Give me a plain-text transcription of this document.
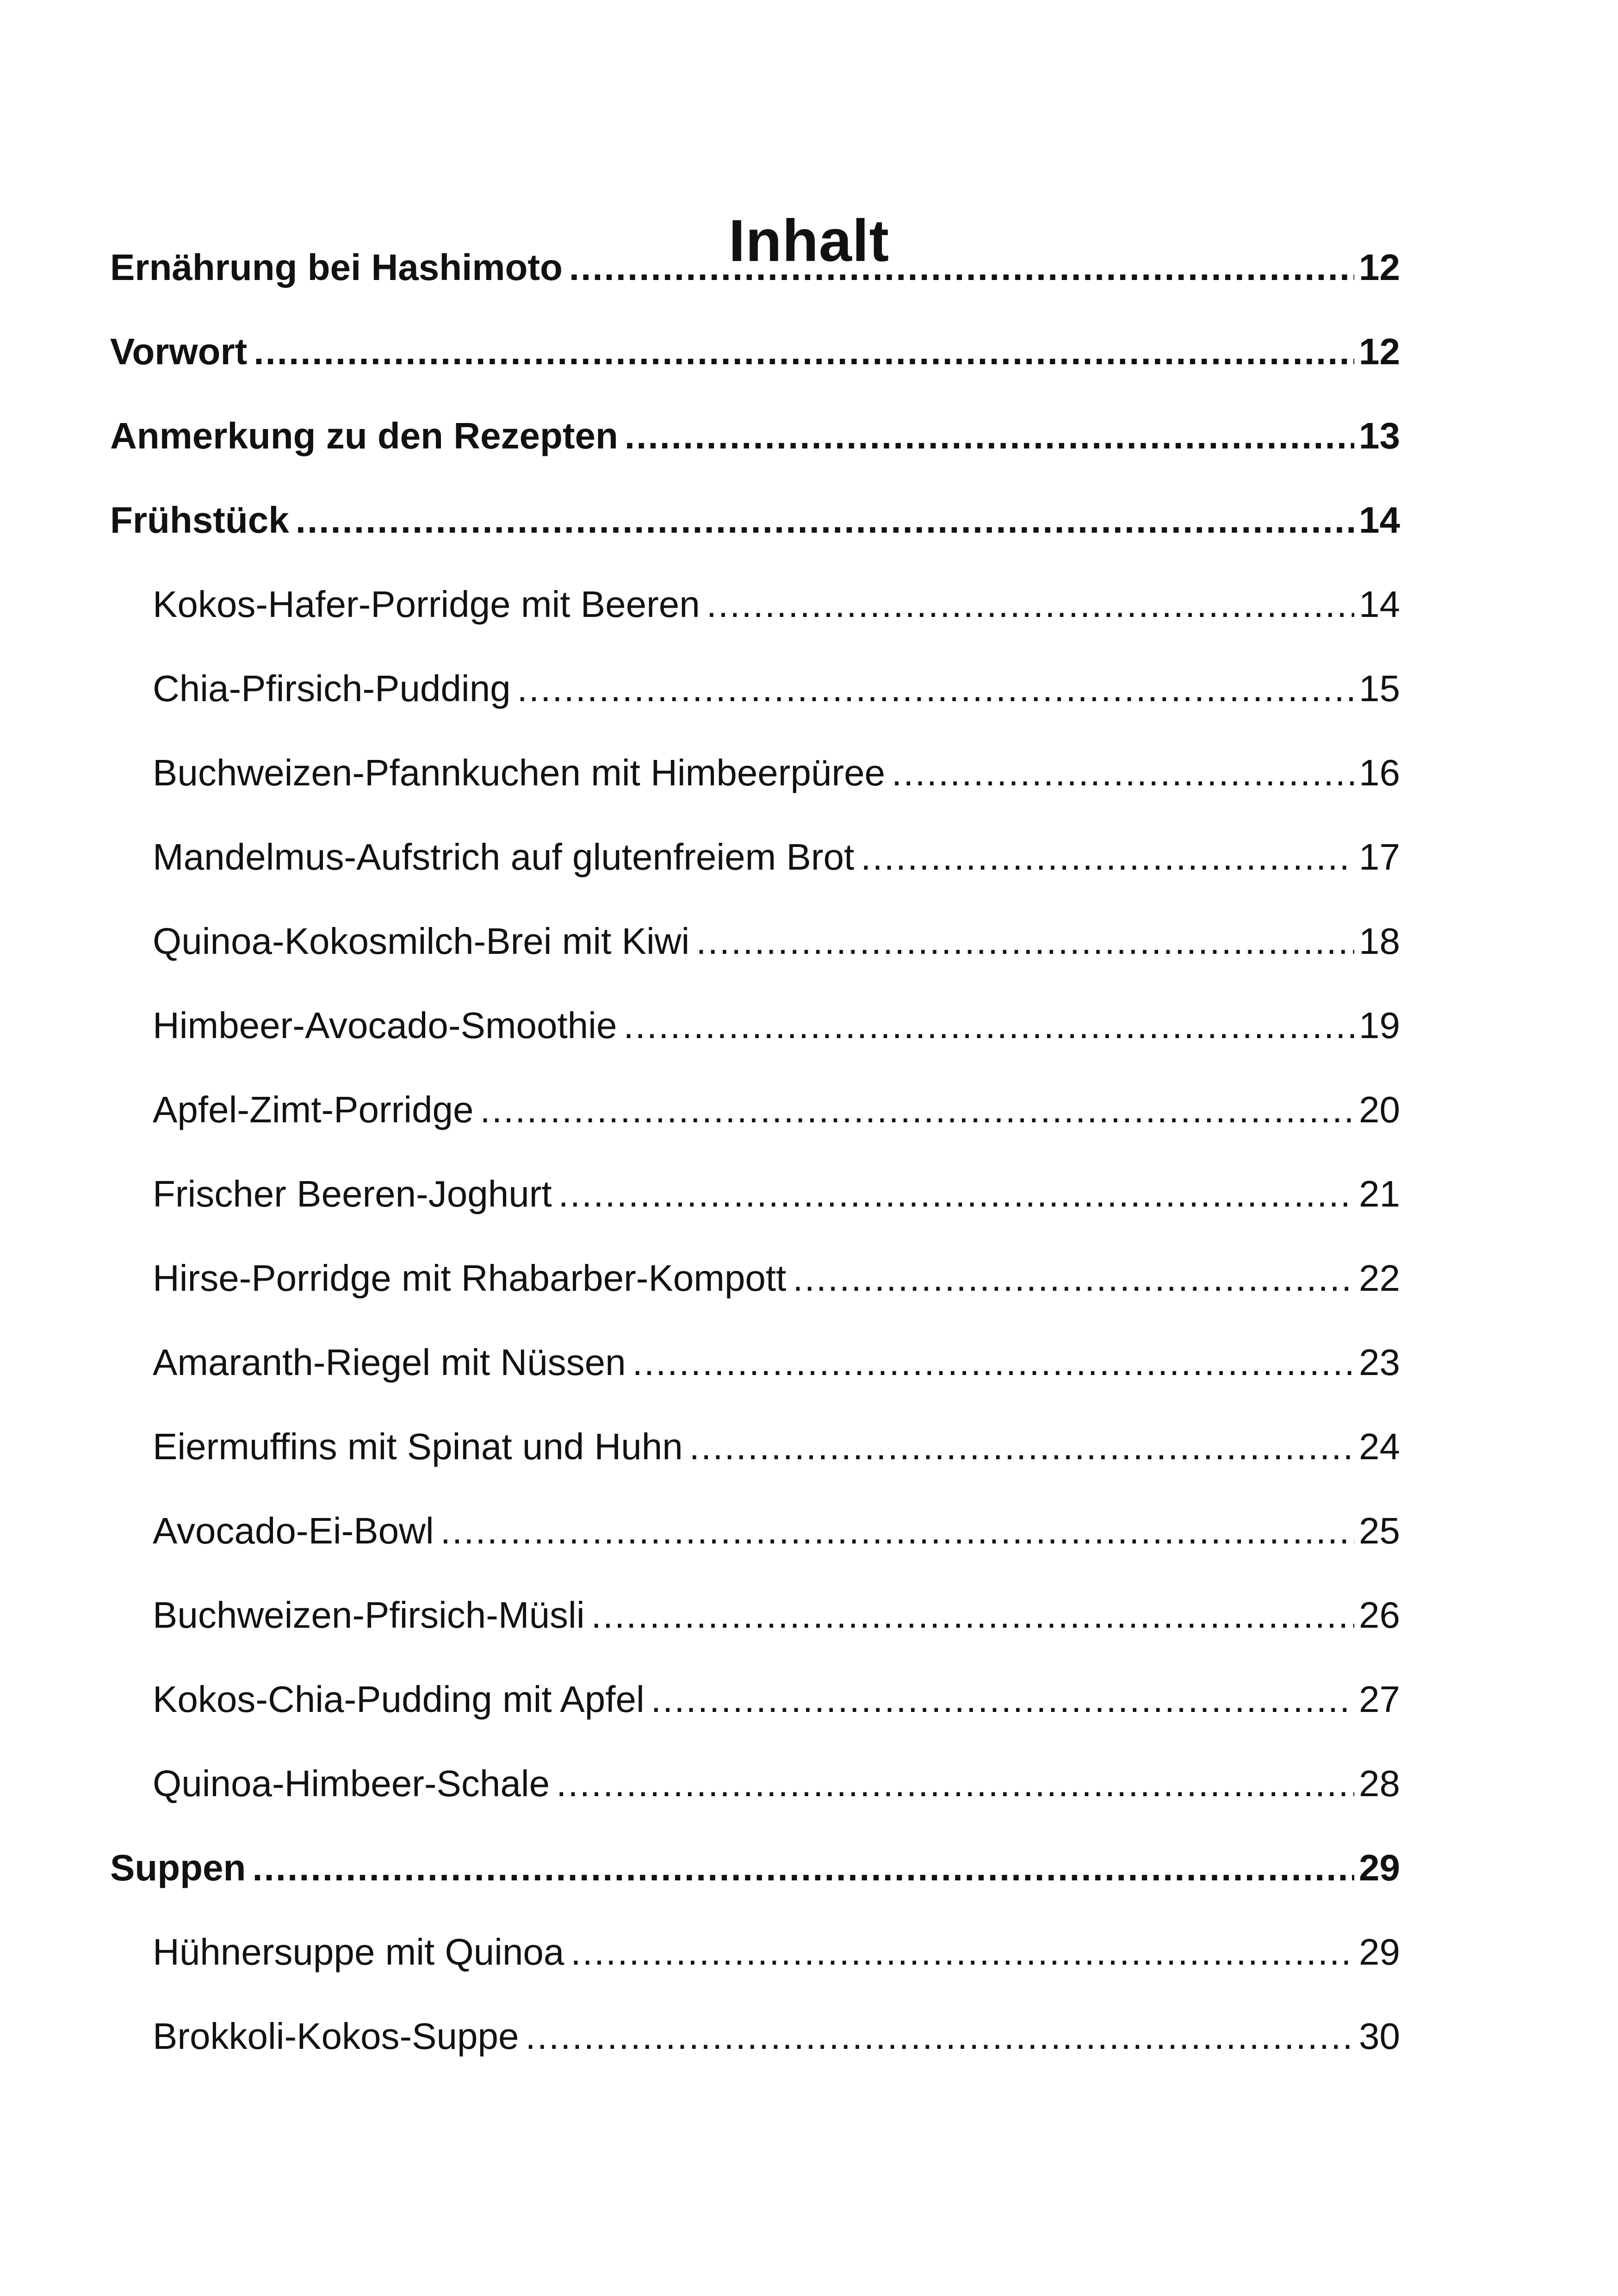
Inhalt
Ernährung bei Hashimoto .....	12
Vorwort .....	12
Anmerkung zu den Rezepten .....	13
Frühstück .....	14
Kokos-Hafer-Porridge mit Beeren .....	14
Chia-Pfirsich-Pudding .....	15
Buchweizen-Pfannkuchen mit Himbeerpüree .....	16
Mandelmus-Aufstrich auf glutenfreiem Brot .....	17
Quinoa-Kokosmilch-Brei mit Kiwi .....	18
Himbeer-Avocado-Smoothie .....	19
Apfel-Zimt-Porridge .....	20
Frischer Beeren-Joghurt .....	21
Hirse-Porridge mit Rhabarber-Kompott .....	22
Amaranth-Riegel mit Nüssen .....	23
Eiermuffins mit Spinat und Huhn .....	24
Avocado-Ei-Bowl .....	25
Buchweizen-Pfirsich-Müsli .....	26
Kokos-Chia-Pudding mit Apfel .....	27
Quinoa-Himbeer-Schale .....	28
Suppen .....	29
Hühnersuppe mit Quinoa .....	29
Brokkoli-Kokos-Suppe .....	30
